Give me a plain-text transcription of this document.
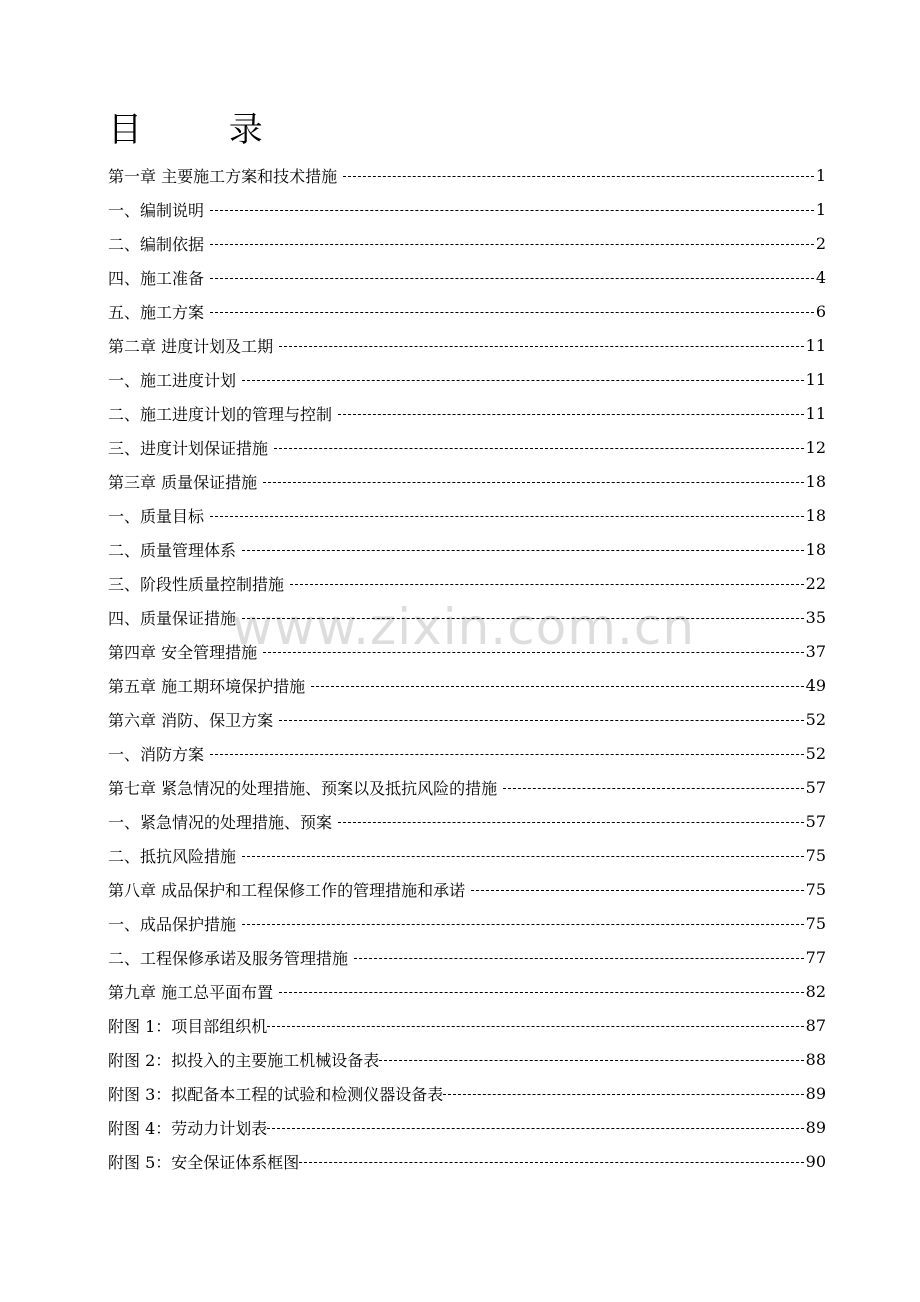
目 录
第一章 主要施工方案和技术措施	1
一、编制说明	1
二、编制依据	2
四、施工准备	4
五、施工方案	6
第二章 进度计划及工期	11
一、施工进度计划	11
二、施工进度计划的管理与控制	11
三、进度计划保证措施	12
第三章 质量保证措施	18
一、质量目标	18
二、质量管理体系	18
三、阶段性质量控制措施	22
四、质量保证措施	35
第四章 安全管理措施	37
第五章 施工期环境保护措施	49
第六章 消防、保卫方案	52
一、消防方案	52
第七章 紧急情况的处理措施、预案以及抵抗风险的措施	57
一、紧急情况的处理措施、预案	57
二、抵抗风险措施	75
第八章 成品保护和工程保修工作的管理措施和承诺	75
一、成品保护措施	75
二、工程保修承诺及服务管理措施	77
第九章 施工总平面布置	82
附图 1：项目部组织机	87
附图 2：拟投入的主要施工机械设备表	88
附图 3：拟配备本工程的试验和检测仪器设备表	89
附图 4：劳动力计划表	89
附图 5：安全保证体系框图	90
www.zixin.com.cn
